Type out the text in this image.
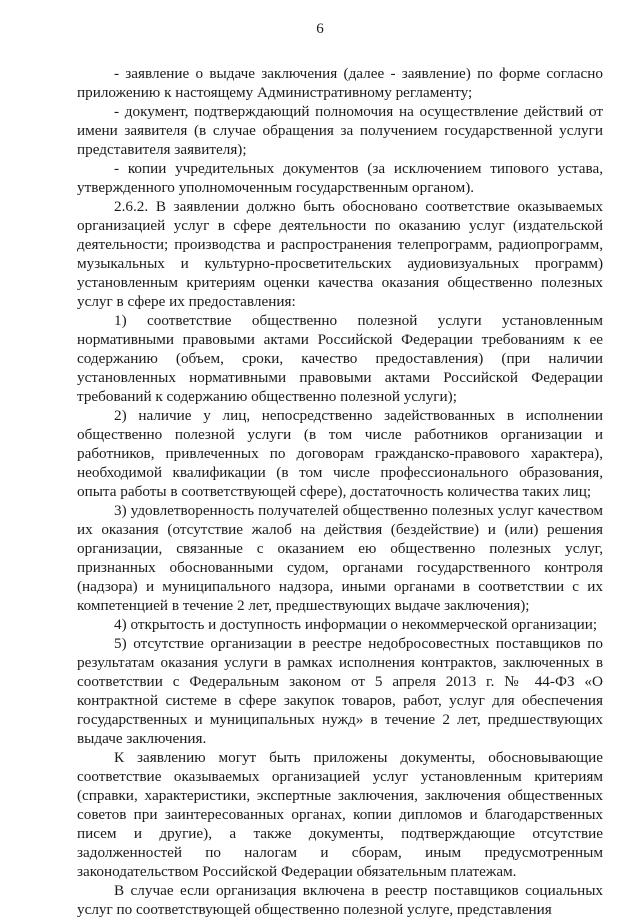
6

- заявление о выдаче заключения (далее - заявление) по форме согласно приложению к настоящему Административному регламенту;

- документ, подтверждающий полномочия на осуществление действий от имени заявителя (в случае обращения за получением государственной услуги представителя заявителя);

- копии учредительных документов (за исключением типового устава, утвержденного уполномоченным государственным органом).

2.6.2. В заявлении должно быть обосновано соответствие оказываемых организацией услуг в сфере деятельности по оказанию услуг (издательской деятельности; производства и распространения телепрограмм, радиопрограмм, музыкальных и культурно-просветительских аудиовизуальных программ) установленным критериям оценки качества оказания общественно полезных услуг в сфере их предоставления:

1) соответствие общественно полезной услуги установленным нормативными правовыми актами Российской Федерации требованиям к ее содержанию (объем, сроки, качество предоставления) (при наличии установленных нормативными правовыми актами Российской Федерации требований к содержанию общественно полезной услуги);

2) наличие у лиц, непосредственно задействованных в исполнении общественно полезной услуги (в том числе работников организации и работников, привлеченных по договорам гражданско-правового характера), необходимой квалификации (в том числе профессионального образования, опыта работы в соответствующей сфере), достаточность количества таких лиц;

3) удовлетворенность получателей общественно полезных услуг качеством их оказания (отсутствие жалоб на действия (бездействие) и (или) решения организации, связанные с оказанием ею общественно полезных услуг, признанных обоснованными судом, органами государственного контроля (надзора) и муниципального надзора, иными органами в соответствии с их компетенцией в течение 2 лет, предшествующих выдаче заключения);

4) открытость и доступность информации о некоммерческой организации;

5) отсутствие организации в реестре недобросовестных поставщиков по результатам оказания услуги в рамках исполнения контрактов, заключенных в соответствии с Федеральным законом от 5 апреля 2013 г. № 44-ФЗ «О контрактной системе в сфере закупок товаров, работ, услуг для обеспечения государственных и муниципальных нужд» в течение 2 лет, предшествующих выдаче заключения.

К заявлению могут быть приложены документы, обосновывающие соответствие оказываемых организацией услуг установленным критериям (справки, характеристики, экспертные заключения, заключения общественных советов при заинтересованных органах, копии дипломов и благодарственных писем и другие), а также документы, подтверждающие отсутствие задолженностей по налогам и сборам, иным предусмотренным законодательством Российской Федерации обязательным платежам.

В случае если организация включена в реестр поставщиков социальных услуг по соответствующей общественно полезной услуге, представления
